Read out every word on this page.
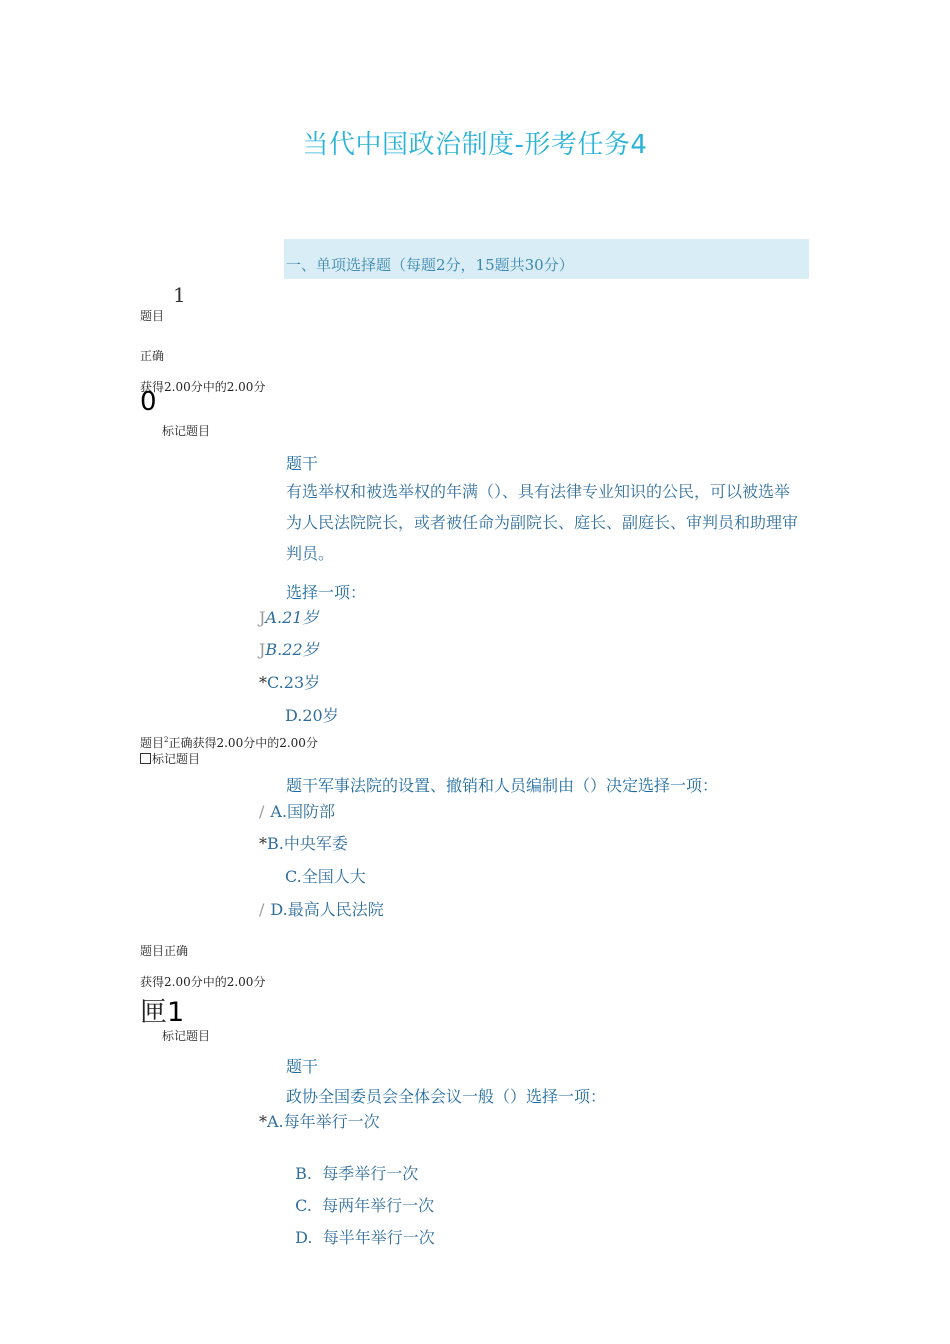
当代中国政治制度-形考任务4
一、单项选择题（每题2分，15题共30分）
1
题目
正确
获得2.00分中的2.00分
0
标记题目
题干
有选举权和被选举权的年满（）、具有法律专业知识的公民，可以被选举为人民法院院长，或者被任命为副院长、庭长、副庭长、审判员和助理审判员。
选择一项：
JA.21岁
JB.22岁
*C.23岁
D.20岁
题目$^2$正确获得2.00分中的2.00分
标记题目
题干军事法院的设置、撤销和人员编制由（）决定选择一项：
/ A.国防部
*B.中央军委
C.全国人大
/ D.最高人民法院
题目正确
获得2.00分中的2.00分
匣1
标记题目
题干
政协全国委员会全体会议一般（）选择一项：
*A.每年举行一次

B.  每季举行一次

C.  每两年举行一次

D.  每半年举行一次
